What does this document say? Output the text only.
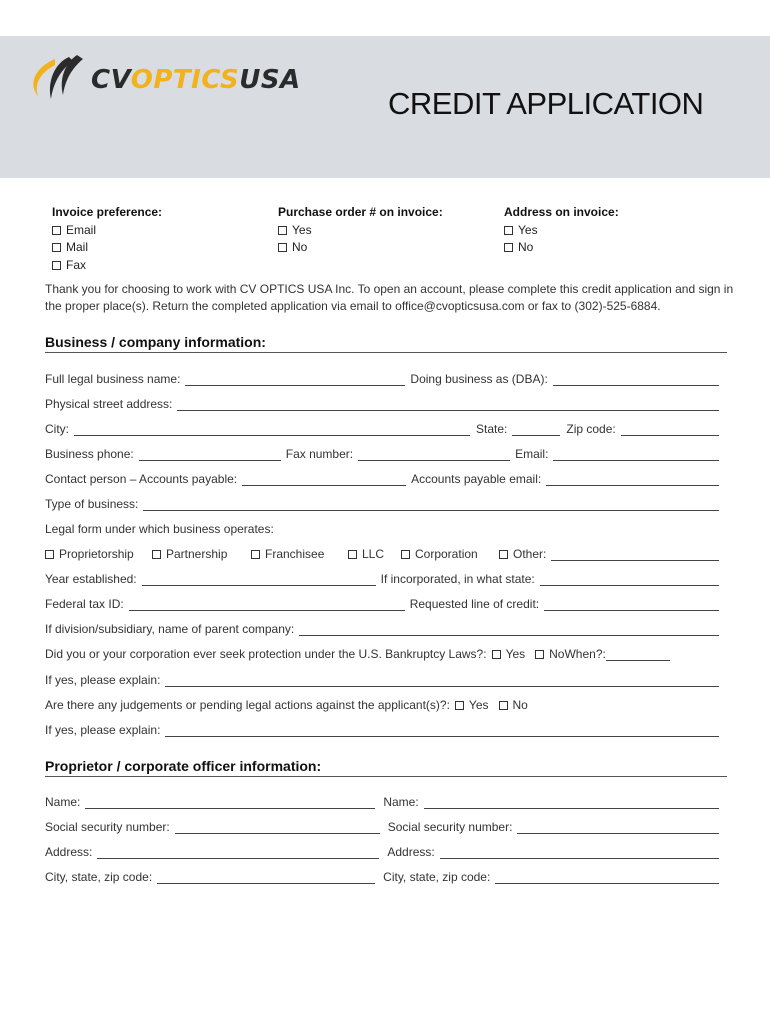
CVOPTICSUSA
CREDIT APPLICATION
Invoice preference:
Email
Mail
Fax
Purchase order # on invoice:
Yes
No
Address on invoice:
Yes
No
Thank you for choosing to work with CV OPTICS USA Inc. To open an account, please complete this credit application and sign in the proper place(s). Return the completed application via email to office@cvopticsusa.com or fax to (302)-525-6884.
Business / company information:
Full legal business name:	Doing business as (DBA):
Physical street address:
City:	State:	Zip code:
Business phone:	Fax number:	Email:
Contact person – Accounts payable:	Accounts payable email:
Type of business:
Legal form under which business operates:
Proprietorship	Partnership	Franchisee	LLC	Corporation	Other:
Year established:	If incorporated, in what state:
Federal tax ID:	Requested line of credit:
If division/subsidiary, name of parent company:
Did you or your corporation ever seek protection under the U.S. Bankruptcy Laws?: Yes No When?:
If yes, please explain:
Are there any judgements or pending legal actions against the applicant(s)?: Yes No
If yes, please explain:
Proprietor / corporate officer information:
Name:	Name:
Social security number:	Social security number:
Address:	Address:
City, state, zip code:	City, state, zip code:
